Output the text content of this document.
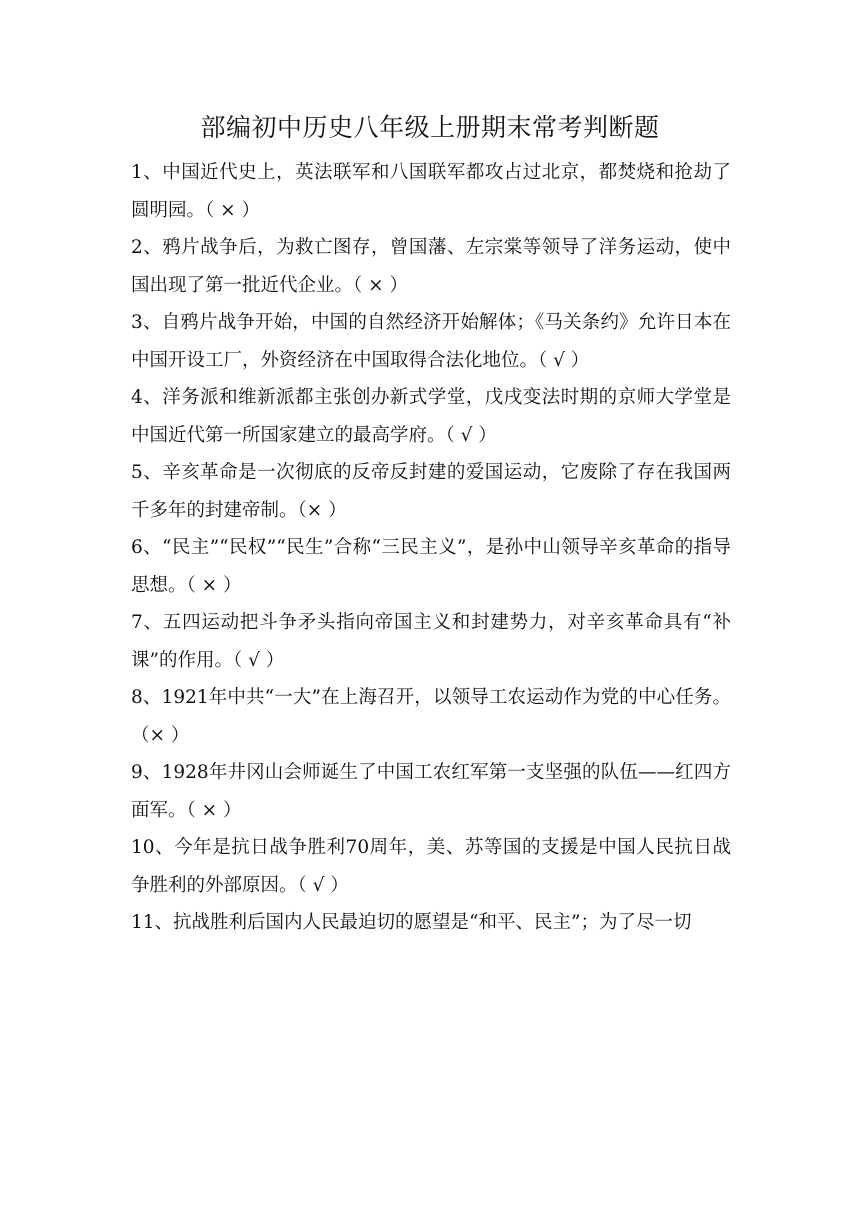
部编初中历史八年级上册期末常考判断题

1、中国近代史上，英法联军和八国联军都攻占过北京，都焚烧和抢劫了圆明园。（ × ）

2、鸦片战争后，为救亡图存，曾国藩、左宗棠等领导了洋务运动，使中国出现了第一批近代企业。（ × ）

3、自鸦片战争开始，中国的自然经济开始解体；《马关条约》允许日本在中国开设工厂，外资经济在中国取得合法化地位。（ √ ）

4、洋务派和维新派都主张创办新式学堂，戊戌变法时期的京师大学堂是中国近代第一所国家建立的最高学府。（ √ ）

5、辛亥革命是一次彻底的反帝反封建的爱国运动，它废除了存在我国两千多年的封建帝制。（× ）

6、“民主”“民权”“民生”合称“三民主义”，是孙中山领导辛亥革命的指导思想。（ × ）

7、五四运动把斗争矛头指向帝国主义和封建势力，对辛亥革命具有“补课”的作用。（ √ ）

8、1921年中共“一大”在上海召开，以领导工农运动作为党的中心任务。（× ）

9、1928年井冈山会师诞生了中国工农红军第一支坚强的队伍——红四方面军。（ × ）

10、今年是抗日战争胜利70周年，美、苏等国的支援是中国人民抗日战争胜利的外部原因。（ √ ）

11、抗战胜利后国内人民最迫切的愿望是“和平、民主”；为了尽一切
